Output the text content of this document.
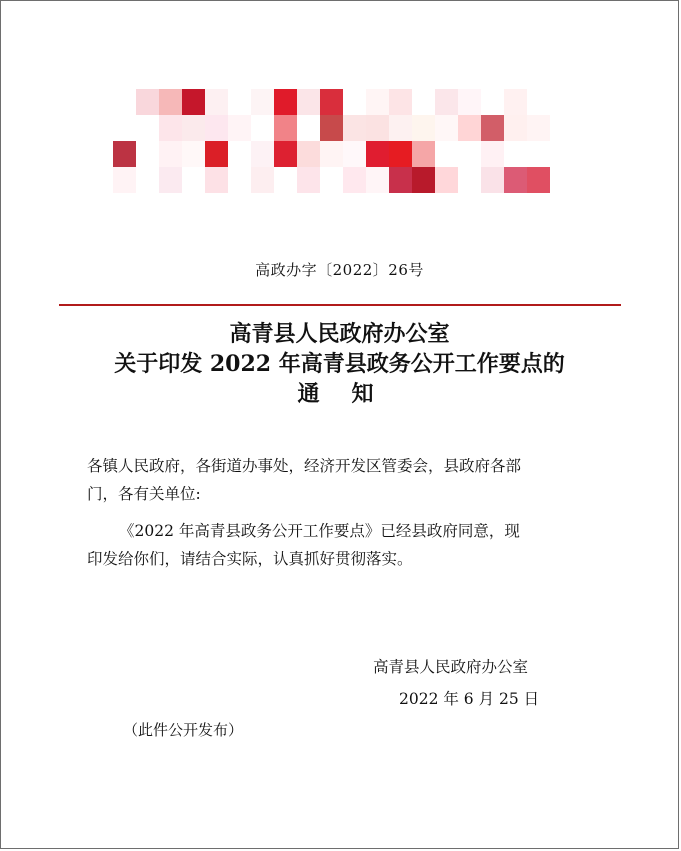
高政办字〔2022〕26号
高青县人民政府办公室
关于印发 2022 年高青县政务公开工作要点的
通知
各镇人民政府，各街道办事处，经济开发区管委会，县政府各部
门，各有关单位:
《2022 年高青县政务公开工作要点》已经县政府同意，现
印发给你们，请结合实际，认真抓好贯彻落实。
高青县人民政府办公室
2022 年 6 月 25 日
（此件公开发布）
